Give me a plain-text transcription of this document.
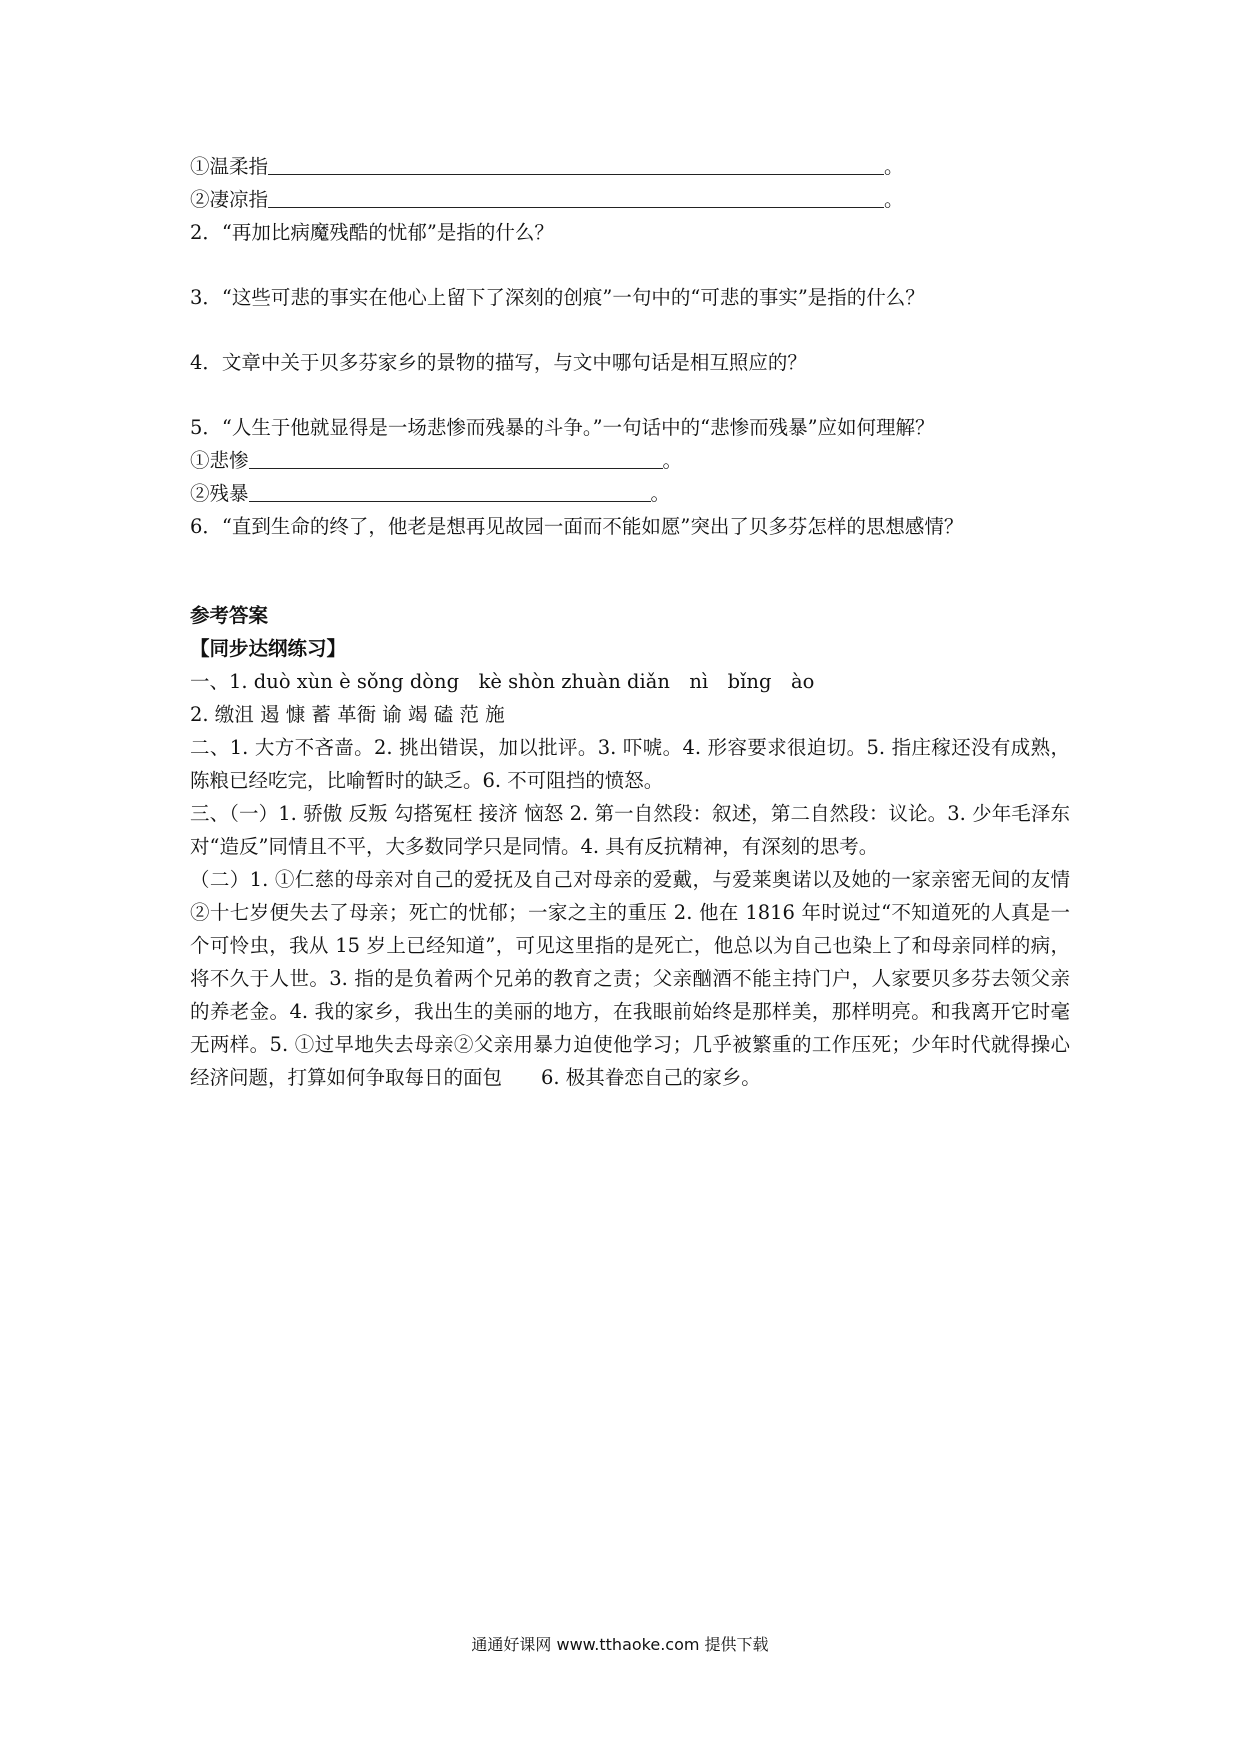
①温柔指	。
②凄凉指	。
2．“再加比病魔残酷的忧郁”是指的什么？
3．“这些可悲的事实在他心上留下了深刻的创痕”一句中的“可悲的事实”是指的什么？
4．文章中关于贝多芬家乡的景物的描写，与文中哪句话是相互照应的？
5．“人生于他就显得是一场悲惨而残暴的斗争。”一句话中的“悲惨而残暴”应如何理解？
①悲惨	。
②残暴	。
6．“直到生命的终了，他老是想再见故园一面而不能如愿”突出了贝多芬怎样的思想感情？
参考答案
【同步达纲练习】
一、1. duò xùn è sǒng dòng　kè shòn zhuàn diǎn　nì　bǐng　ào
2. 缴沮 遏 慷 蓄 革衙 谕 竭 磕 范 施
二、1. 大方不吝啬。2. 挑出错误，加以批评。3. 吓唬。4. 形容要求很迫切。5. 指庄稼还没有成熟，陈粮已经吃完，比喻暂时的缺乏。6. 不可阻挡的愤怒。
三、（一）1. 骄傲 反叛 勾搭冤枉 接济 恼怒 2. 第一自然段：叙述，第二自然段：议论。3. 少年毛泽东对“造反”同情且不平，大多数同学只是同情。4. 具有反抗精神，有深刻的思考。
（二）1. ①仁慈的母亲对自己的爱抚及自己对母亲的爱戴，与爱莱奥诺以及她的一家亲密无间的友情②十七岁便失去了母亲；死亡的忧郁；一家之主的重压 2. 他在 1816 年时说过“不知道死的人真是一个可怜虫，我从 15 岁上已经知道”，可见这里指的是死亡，他总以为自己也染上了和母亲同样的病，将不久于人世。3. 指的是负着两个兄弟的教育之责；父亲酗酒不能主持门户，人家要贝多芬去领父亲的养老金。4. 我的家乡，我出生的美丽的地方，在我眼前始终是那样美，那样明亮。和我离开它时毫无两样。5. ①过早地失去母亲②父亲用暴力迫使他学习；几乎被繁重的工作压死；少年时代就得操心经济问题，打算如何争取每日的面包　　6. 极其眷恋自己的家乡。
通通好课网 www.tthaoke.com 提供下载
